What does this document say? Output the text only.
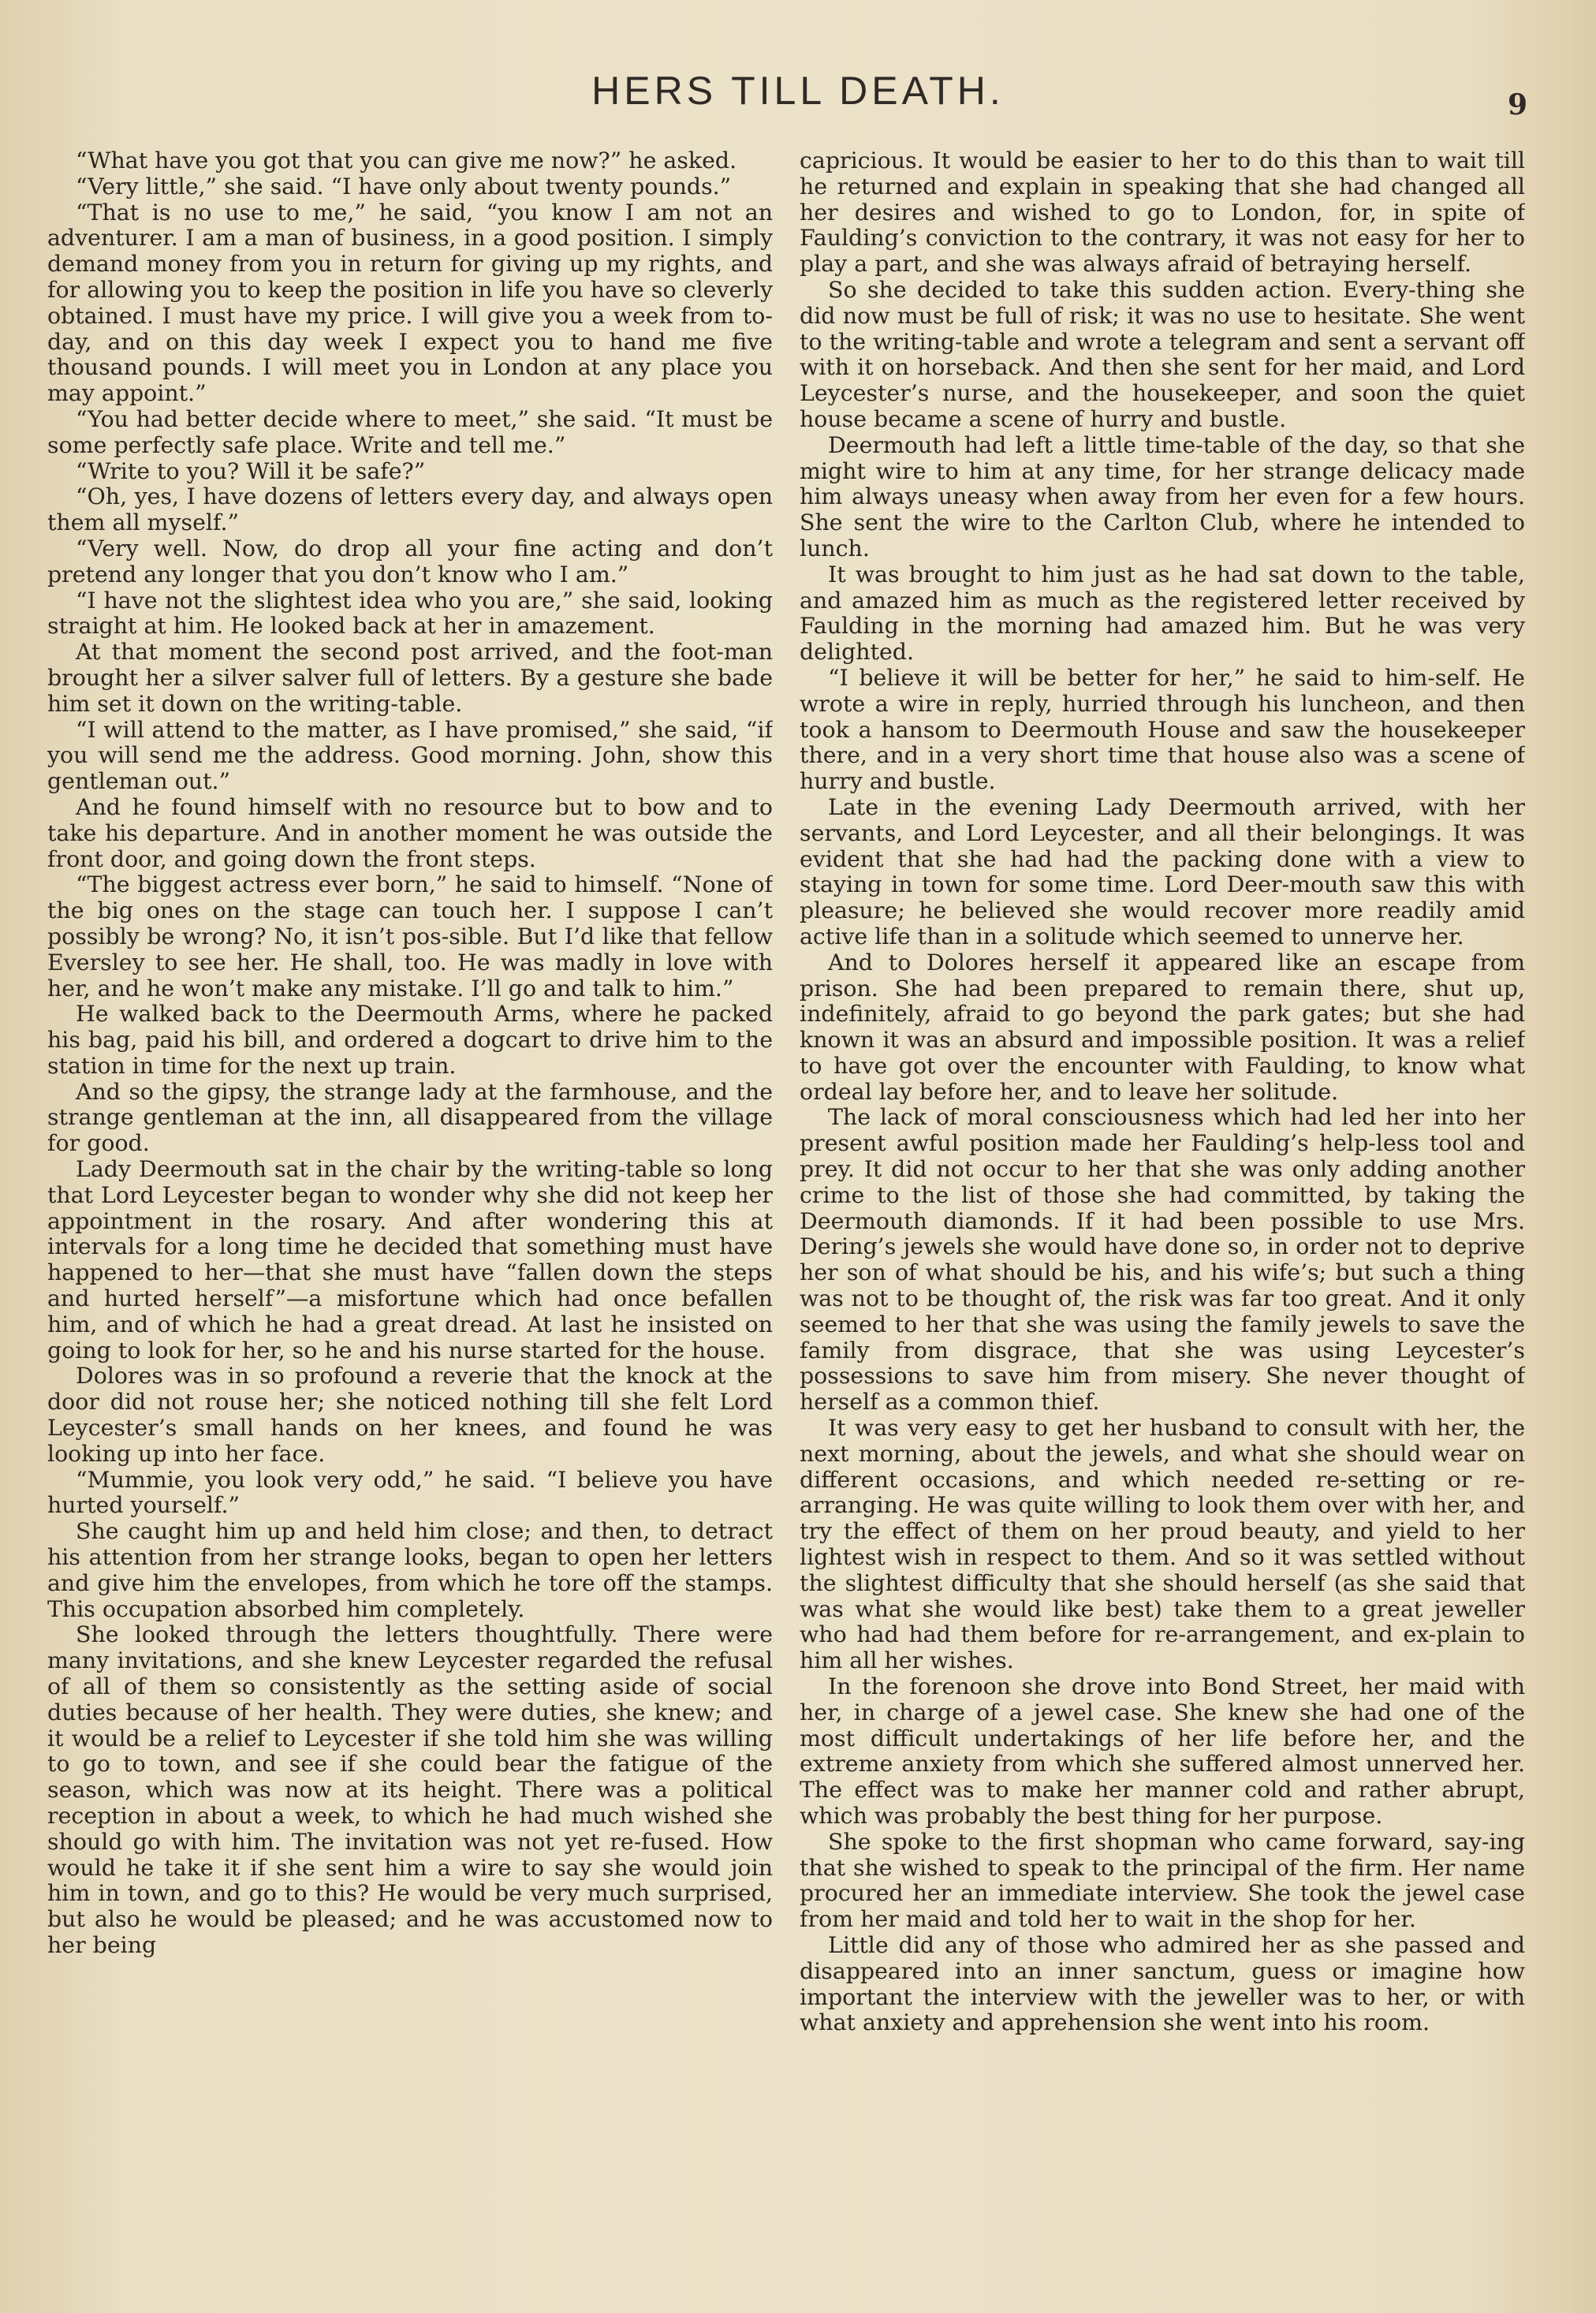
HERS TILL DEATH.	9

“What have you got that you can give me now?” he asked.

“Very little,” she said. “I have only about twenty pounds.”

“That is no use to me,” he said, “you know I am not an adventurer. I am a man of business, in a good position. I simply demand money from you in return for giving up my rights, and for allowing you to keep the position in life you have so cleverly obtained. I must have my price. I will give you a week from to-day, and on this day week I expect you to hand me five thousand pounds. I will meet you in London at any place you may appoint.”

“You had better decide where to meet,” she said. “It must be some perfectly safe place. Write and tell me.”

“Write to you? Will it be safe?”

“Oh, yes, I have dozens of letters every day, and always open them all myself.”

“Very well. Now, do drop all your fine acting and don’t pretend any longer that you don’t know who I am.”

“I have not the slightest idea who you are,” she said, looking straight at him. He looked back at her in amazement.

At that moment the second post arrived, and the foot-man brought her a silver salver full of letters. By a gesture she bade him set it down on the writing-table.

“I will attend to the matter, as I have promised,” she said, “if you will send me the address. Good morning. John, show this gentleman out.”

And he found himself with no resource but to bow and to take his departure. And in another moment he was outside the front door, and going down the front steps.

“The biggest actress ever born,” he said to himself. “None of the big ones on the stage can touch her. I suppose I can’t possibly be wrong? No, it isn’t pos-sible. But I’d like that fellow Eversley to see her. He shall, too. He was madly in love with her, and he won’t make any mistake. I’ll go and talk to him.”

He walked back to the Deermouth Arms, where he packed his bag, paid his bill, and ordered a dogcart to drive him to the station in time for the next up train.

And so the gipsy, the strange lady at the farmhouse, and the strange gentleman at the inn, all disappeared from the village for good.

Lady Deermouth sat in the chair by the writing-table so long that Lord Leycester began to wonder why she did not keep her appointment in the rosary. And after wondering this at intervals for a long time he decided that something must have happened to her—that she must have “fallen down the steps and hurted herself”—a misfortune which had once befallen him, and of which he had a great dread. At last he insisted on going to look for her, so he and his nurse started for the house.

Dolores was in so profound a reverie that the knock at the door did not rouse her; she noticed nothing till she felt Lord Leycester’s small hands on her knees, and found he was looking up into her face.

“Mummie, you look very odd,” he said. “I believe you have hurted yourself.”

She caught him up and held him close; and then, to detract his attention from her strange looks, began to open her letters and give him the envelopes, from which he tore off the stamps. This occupation absorbed him completely.

She looked through the letters thoughtfully. There were many invitations, and she knew Leycester regarded the refusal of all of them so consistently as the setting aside of social duties because of her health. They were duties, she knew; and it would be a relief to Leycester if she told him she was willing to go to town, and see if she could bear the fatigue of the season, which was now at its height. There was a political reception in about a week, to which he had much wished she should go with him. The invitation was not yet re-fused. How would he take it if she sent him a wire to say she would join him in town, and go to this? He would be very much surprised, but also he would be pleased; and he was accustomed now to her being

capricious. It would be easier to her to do this than to wait till he returned and explain in speaking that she had changed all her desires and wished to go to London, for, in spite of Faulding’s conviction to the contrary, it was not easy for her to play a part, and she was always afraid of betraying herself.

So she decided to take this sudden action. Every-thing she did now must be full of risk; it was no use to hesitate. She went to the writing-table and wrote a telegram and sent a servant off with it on horseback. And then she sent for her maid, and Lord Leycester’s nurse, and the housekeeper, and soon the quiet house became a scene of hurry and bustle.

Deermouth had left a little time-table of the day, so that she might wire to him at any time, for her strange delicacy made him always uneasy when away from her even for a few hours. She sent the wire to the Carlton Club, where he intended to lunch.

It was brought to him just as he had sat down to the table, and amazed him as much as the registered letter received by Faulding in the morning had amazed him. But he was very delighted.

“I believe it will be better for her,” he said to him-self. He wrote a wire in reply, hurried through his luncheon, and then took a hansom to Deermouth House and saw the housekeeper there, and in a very short time that house also was a scene of hurry and bustle.

Late in the evening Lady Deermouth arrived, with her servants, and Lord Leycester, and all their belongings. It was evident that she had had the packing done with a view to staying in town for some time. Lord Deer-mouth saw this with pleasure; he believed she would recover more readily amid active life than in a solitude which seemed to unnerve her.

And to Dolores herself it appeared like an escape from prison. She had been prepared to remain there, shut up, indefinitely, afraid to go beyond the park gates; but she had known it was an absurd and impossible position. It was a relief to have got over the encounter with Faulding, to know what ordeal lay before her, and to leave her solitude.

The lack of moral consciousness which had led her into her present awful position made her Faulding’s help-less tool and prey. It did not occur to her that she was only adding another crime to the list of those she had committed, by taking the Deermouth diamonds. If it had been possible to use Mrs. Dering’s jewels she would have done so, in order not to deprive her son of what should be his, and his wife’s; but such a thing was not to be thought of, the risk was far too great. And it only seemed to her that she was using the family jewels to save the family from disgrace, that she was using Leycester’s possessions to save him from misery. She never thought of herself as a common thief.

It was very easy to get her husband to consult with her, the next morning, about the jewels, and what she should wear on different occasions, and which needed re-setting or re-arranging. He was quite willing to look them over with her, and try the effect of them on her proud beauty, and yield to her lightest wish in respect to them. And so it was settled without the slightest difficulty that she should herself (as she said that was what she would like best) take them to a great jeweller who had had them before for re-arrangement, and ex-plain to him all her wishes.

In the forenoon she drove into Bond Street, her maid with her, in charge of a jewel case. She knew she had one of the most difficult undertakings of her life before her, and the extreme anxiety from which she suffered almost unnerved her. The effect was to make her manner cold and rather abrupt, which was probably the best thing for her purpose.

She spoke to the first shopman who came forward, say-ing that she wished to speak to the principal of the firm. Her name procured her an immediate interview. She took the jewel case from her maid and told her to wait in the shop for her.

Little did any of those who admired her as she passed and disappeared into an inner sanctum, guess or imagine how important the interview with the jeweller was to her, or with what anxiety and apprehension she went into his room.
